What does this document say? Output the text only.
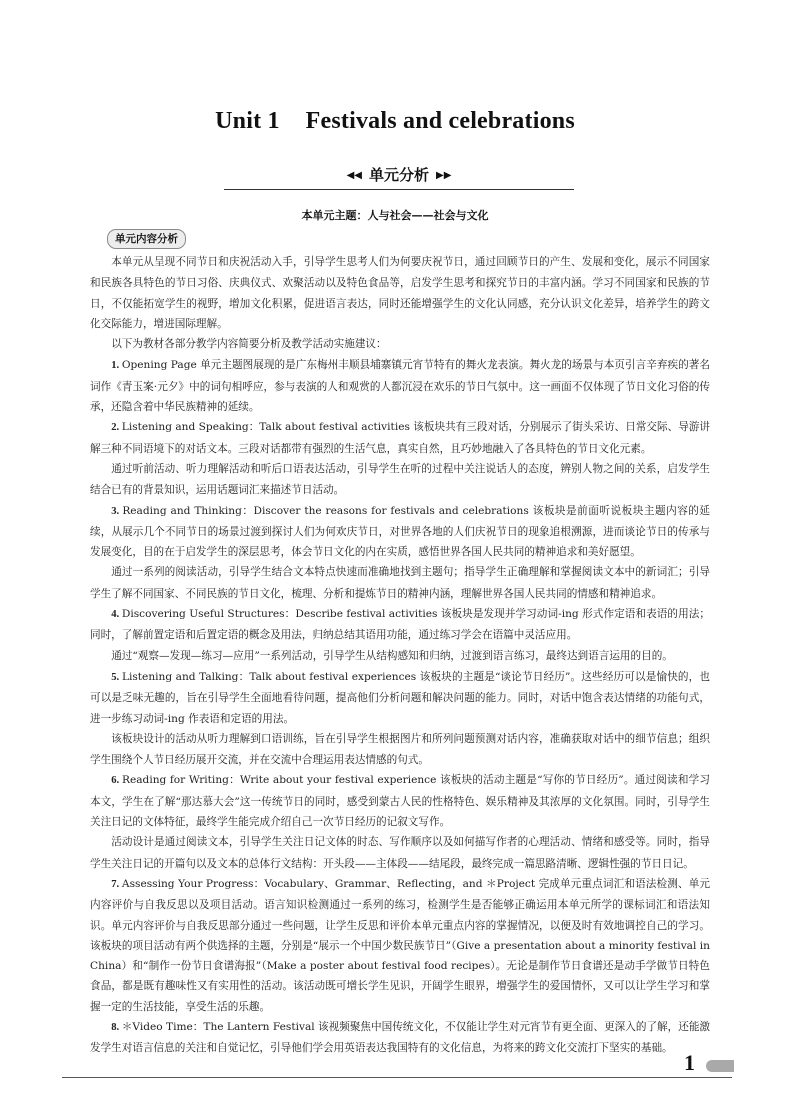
Unit 1 Festivals and celebrations
◀◀ 单元分析 ▶▶
本单元主题：人与社会——社会与文化
单元内容分析

本单元从呈现不同节日和庆祝活动入手，引导学生思考人们为何要庆祝节日，通过回顾节日的产生、发展和变化，展示不同国家和民族各具特色的节日习俗、庆典仪式、欢聚活动以及特色食品等，启发学生思考和探究节日的丰富内涵。学习不同国家和民族的节日，不仅能拓宽学生的视野，增加文化积累，促进语言表达，同时还能增强学生的文化认同感，充分认识文化差异，培养学生的跨文化交际能力，增进国际理解。

以下为教材各部分教学内容简要分析及教学活动实施建议：

1. Opening Page 单元主题图展现的是广东梅州丰顺县埔寨镇元宵节特有的舞火龙表演。舞火龙的场景与本页引言辛弃疾的著名词作《青玉案·元夕》中的词句相呼应，参与表演的人和观赏的人都沉浸在欢乐的节日气氛中。这一画面不仅体现了节日文化习俗的传承，还隐含着中华民族精神的延续。

2. Listening and Speaking：Talk about festival activities 该板块共有三段对话，分别展示了街头采访、日常交际、导游讲解三种不同语境下的对话文本。三段对话都带有强烈的生活气息，真实自然，且巧妙地融入了各具特色的节日文化元素。

通过听前活动、听力理解活动和听后口语表达活动，引导学生在听的过程中关注说话人的态度，辨别人物之间的关系，启发学生结合已有的背景知识，运用话题词汇来描述节日活动。

3. Reading and Thinking：Discover the reasons for festivals and celebrations 该板块是前面听说板块主题内容的延续，从展示几个不同节日的场景过渡到探讨人们为何欢庆节日，对世界各地的人们庆祝节日的现象追根溯源，进而谈论节日的传承与发展变化，目的在于启发学生的深层思考，体会节日文化的内在实质，感悟世界各国人民共同的精神追求和美好愿望。

通过一系列的阅读活动，引导学生结合文本特点快速而准确地找到主题句；指导学生正确理解和掌握阅读文本中的新词汇；引导学生了解不同国家、不同民族的节日文化，梳理、分析和提炼节日的精神内涵，理解世界各国人民共同的情感和精神追求。

4. Discovering Useful Structures：Describe festival activities 该板块是发现并学习动词-ing 形式作定语和表语的用法；同时，了解前置定语和后置定语的概念及用法，归纳总结其语用功能，通过练习学会在语篇中灵活应用。

通过“观察—发现—练习—应用”一系列活动，引导学生从结构感知和归纳，过渡到语言练习，最终达到语言运用的目的。

5. Listening and Talking：Talk about festival experiences 该板块的主题是“谈论节日经历”。这些经历可以是愉快的，也可以是乏味无趣的，旨在引导学生全面地看待问题，提高他们分析问题和解决问题的能力。同时，对话中饱含表达情绪的功能句式，进一步练习动词-ing 作表语和定语的用法。

该板块设计的活动从听力理解到口语训练，旨在引导学生根据图片和所列问题预测对话内容，准确获取对话中的细节信息；组织学生围绕个人节日经历展开交流，并在交流中合理运用表达情感的句式。

6. Reading for Writing：Write about your festival experience 该板块的活动主题是“写你的节日经历”。通过阅读和学习本文，学生在了解“那达慕大会”这一传统节日的同时，感受到蒙古人民的性格特色、娱乐精神及其浓厚的文化氛围。同时，引导学生关注日记的文体特征，最终学生能完成介绍自己一次节日经历的记叙文写作。

活动设计是通过阅读文本，引导学生关注日记文体的时态、写作顺序以及如何描写作者的心理活动、情绪和感受等。同时，指导学生关注日记的开篇句以及文本的总体行文结构：开头段——主体段——结尾段，最终完成一篇思路清晰、逻辑性强的节日日记。

7. Assessing Your Progress：Vocabulary、Grammar、Reflecting，and ＊Project 完成单元重点词汇和语法检测、单元内容评价与自我反思以及项目活动。语言知识检测通过一系列的练习，检测学生是否能够正确运用本单元所学的课标词汇和语法知识。单元内容评价与自我反思部分通过一些问题，让学生反思和评价本单元重点内容的掌握情况，以便及时有效地调控自己的学习。该板块的项目活动有两个供选择的主题，分别是“展示一个中国少数民族节日”（Give a presentation about a minority festival in China）和“制作一份节日食谱海报”（Make a poster about festival food recipes）。无论是制作节日食谱还是动手学做节日特色食品，都是既有趣味性又有实用性的活动。该活动既可增长学生见识，开阔学生眼界，增强学生的爱国情怀，又可以让学生学习和掌握一定的生活技能，享受生活的乐趣。

8. ＊Video Time：The Lantern Festival 该视频聚焦中国传统文化，不仅能让学生对元宵节有更全面、更深入的了解，还能激发学生对语言信息的关注和自觉记忆，引导他们学会用英语表达我国特有的文化信息，为将来的跨文化交流打下坚实的基础。

1
